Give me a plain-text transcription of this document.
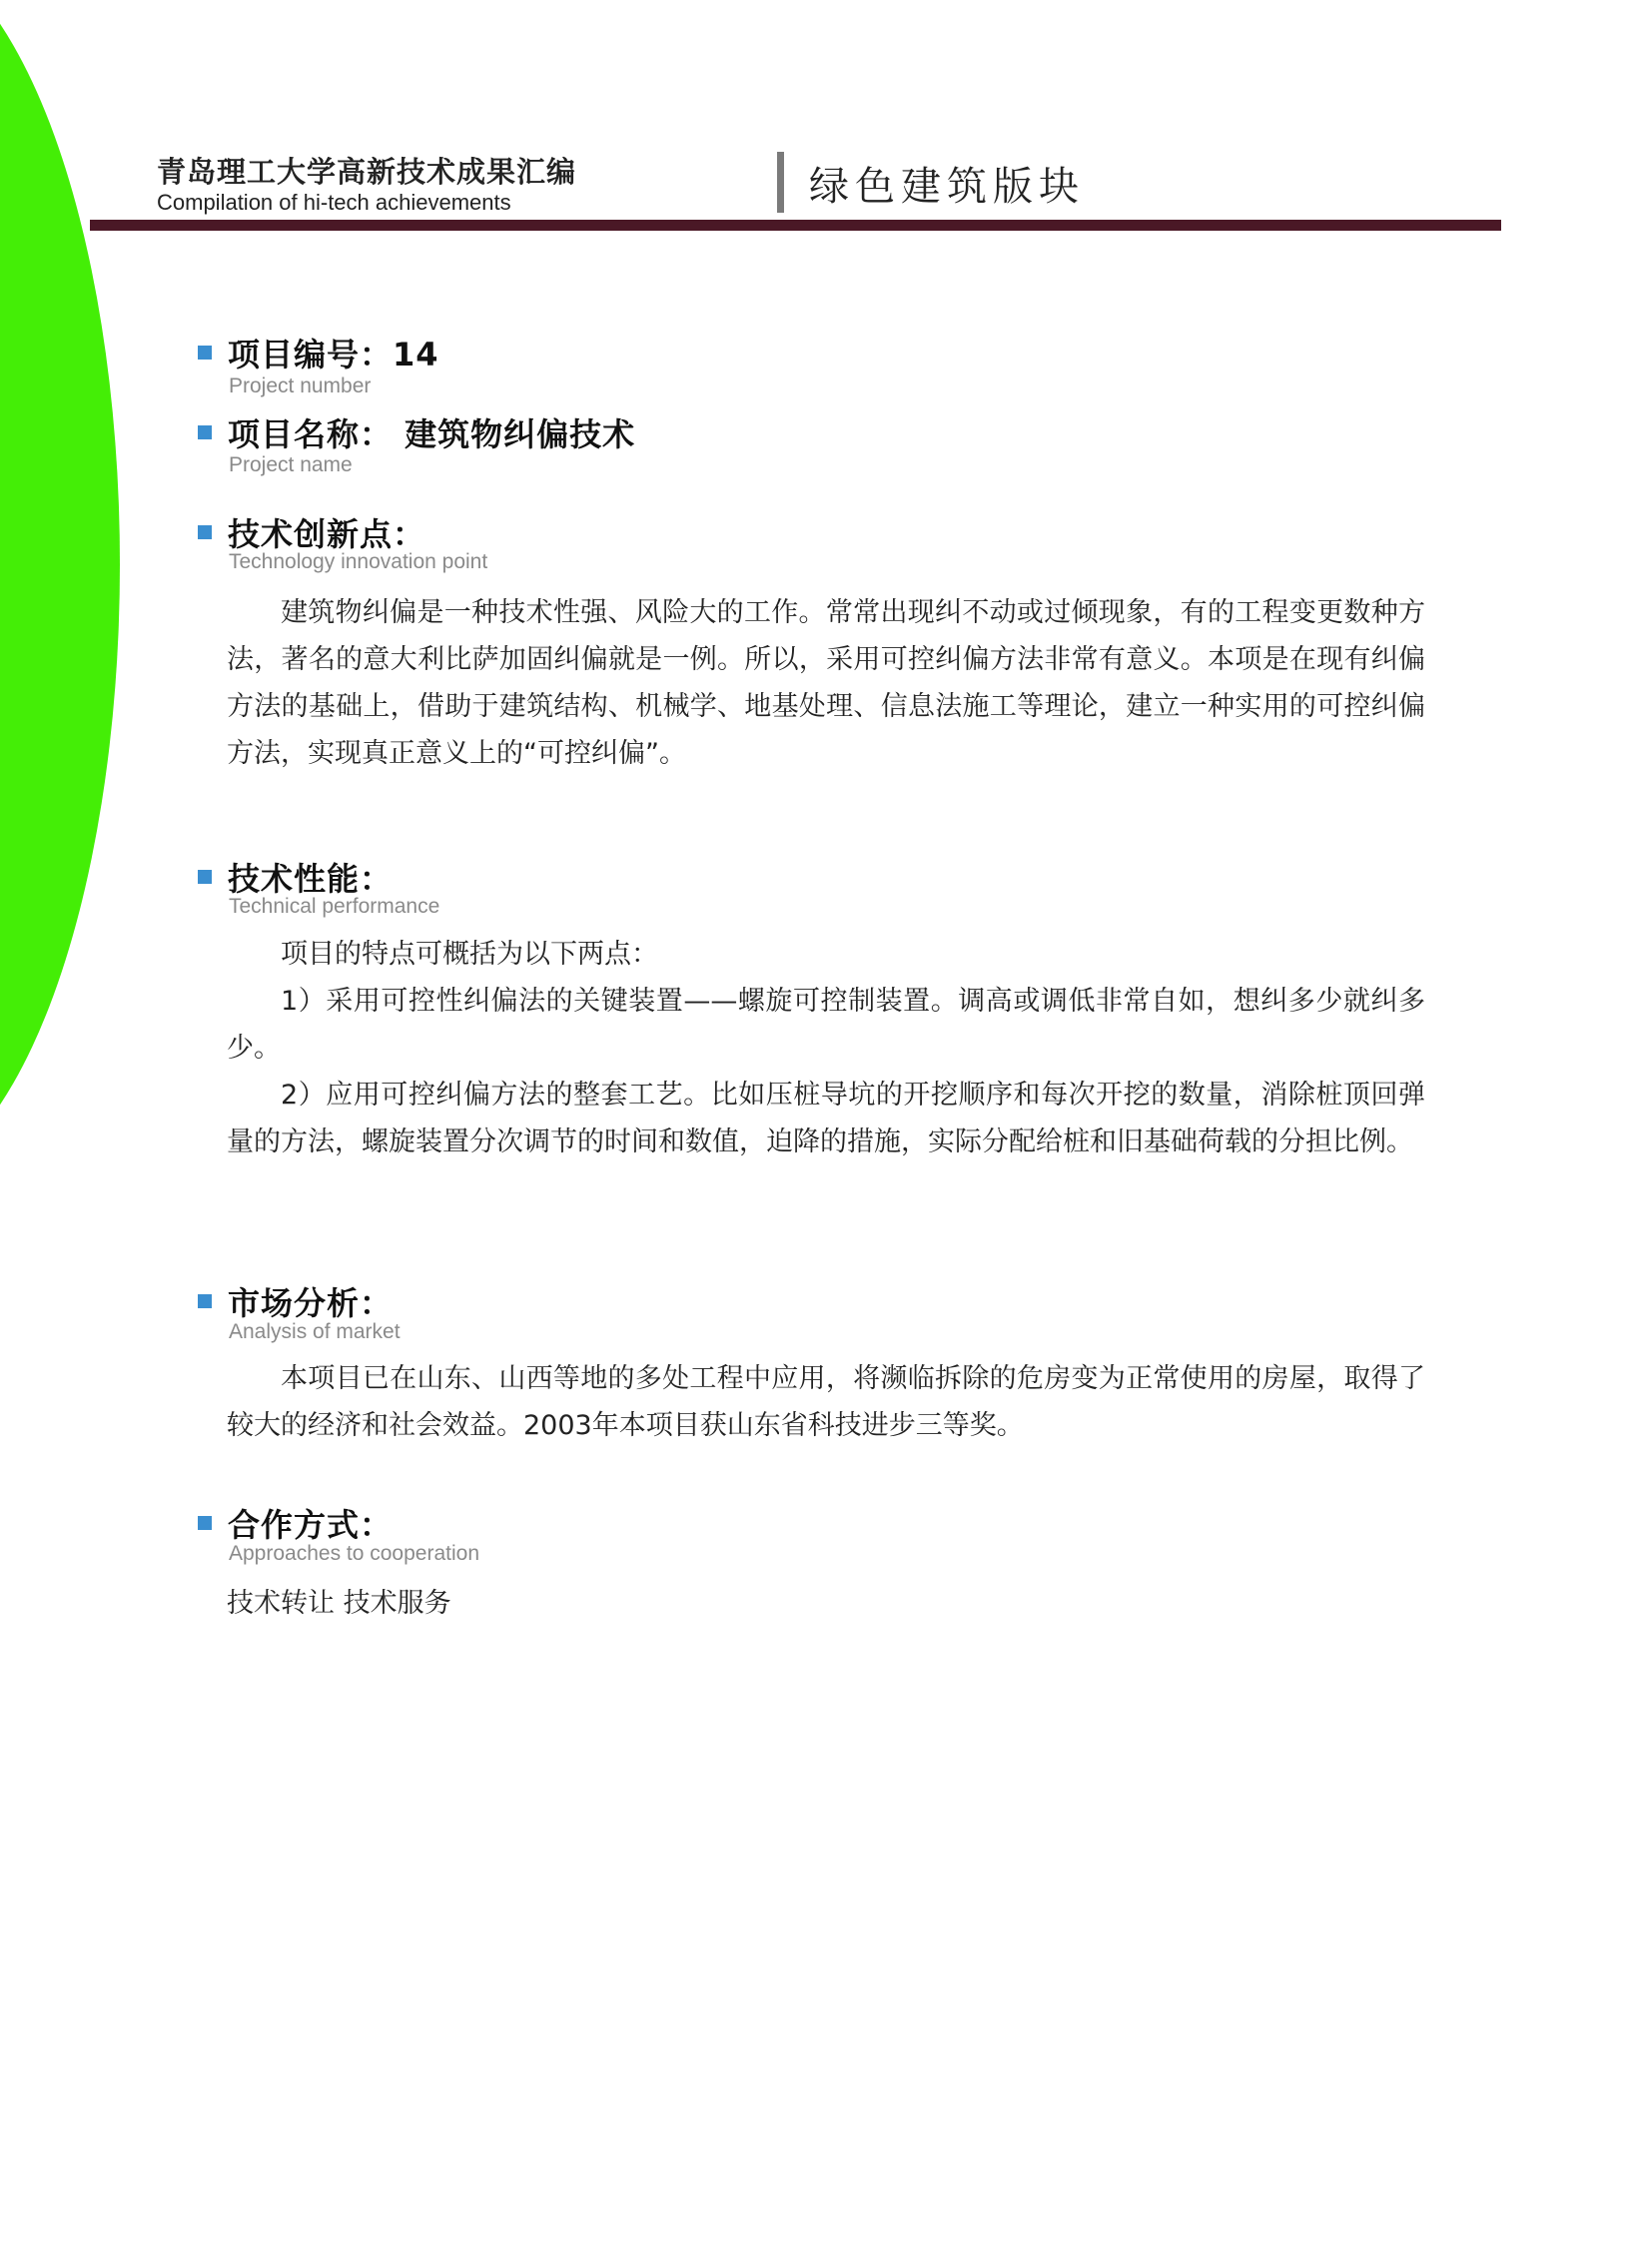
青岛理工大学高新技术成果汇编
Compilation of hi-tech achievements	绿色建筑版块
项目编号：14
Project number
项目名称： 建筑物纠偏技术
Project name
技术创新点：
Technology innovation point

建筑物纠偏是一种技术性强、风险大的工作。常常出现纠不动或过倾现象，有的工程变更数种方法，著名的意大利比萨加固纠偏就是一例。所以，采用可控纠偏方法非常有意义。本项是在现有纠偏方法的基础上，借助于建筑结构、机械学、地基处理、信息法施工等理论，建立一种实用的可控纠偏方法，实现真正意义上的“可控纠偏”。

技术性能：
Technical performance

项目的特点可概括为以下两点：

1）采用可控性纠偏法的关键装置——螺旋可控制装置。调高或调低非常自如，想纠多少就纠多少。

2）应用可控纠偏方法的整套工艺。比如压桩导坑的开挖顺序和每次开挖的数量，消除桩顶回弹量的方法，螺旋装置分次调节的时间和数值，迫降的措施，实际分配给桩和旧基础荷载的分担比例。

市场分析：
Analysis of market

本项目已在山东、山西等地的多处工程中应用，将濒临拆除的危房变为正常使用的房屋，取得了较大的经济和社会效益。2003年本项目获山东省科技进步三等奖。

合作方式：
Approaches to cooperation
技术转让 技术服务
